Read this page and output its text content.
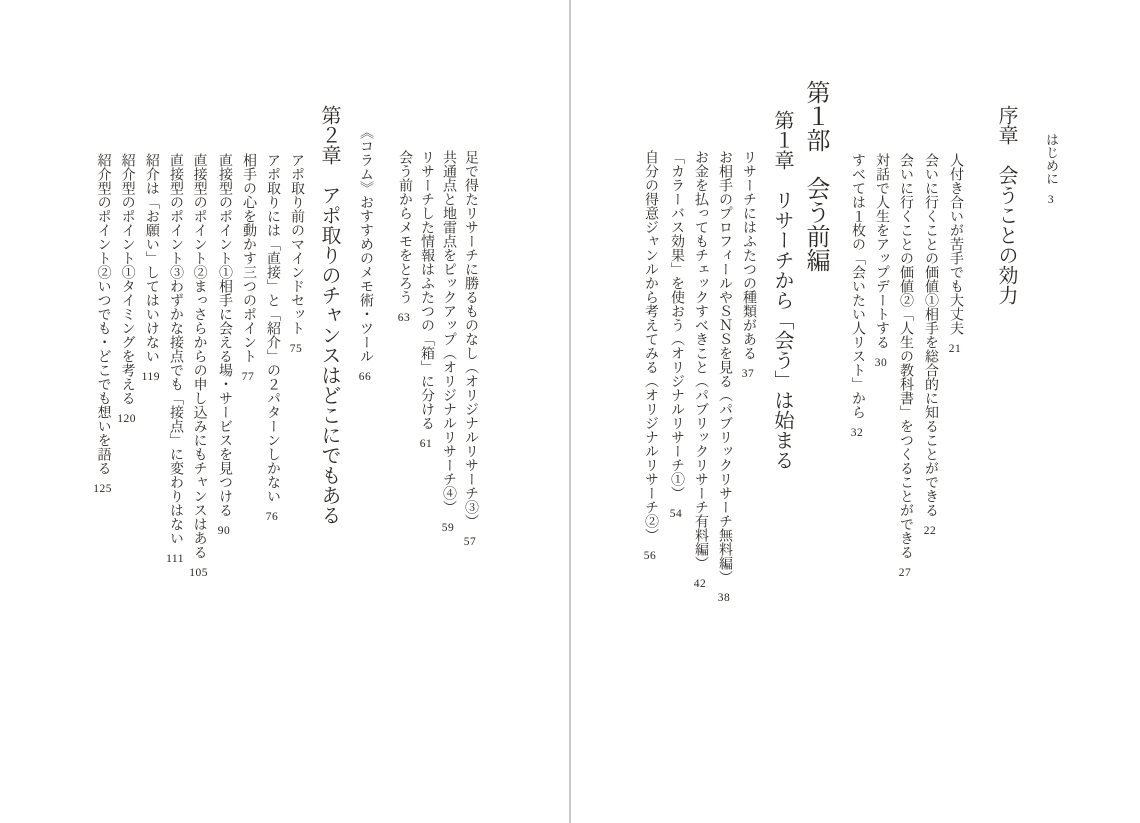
はじめに3
序章　会うことの効力
人付き合いが苦手でも大丈夫21
会いに行くことの価値①相手を総合的に知ることができる22
会いに行くことの価値②「人生の教科書」をつくることができる27
対話で人生をアップデートする30
すべては１枚の「会いたい人リスト」から32
第１部　会う前編
第１章　リサーチから「会う」は始まる
リサーチにはふたつの種類がある37
お相手のプロフィールやＳＮＳを見る（パブリックリサーチ無料編）38
お金を払ってもチェックすべきこと（パブリックリサーチ有料編）42
「カラーバス効果」を使おう（オリジナルリサーチ①）54
自分の得意ジャンルから考えてみる（オリジナルリサーチ②）56
足で得たリサーチに勝るものなし（オリジナルリサーチ③）57
共通点と地雷点をピックアップ（オリジナルリサーチ④）59
リサーチした情報はふたつの「箱」に分ける61
会う前からメモをとろう63
《コラム》おすすめのメモ術・ツール66
第２章　アポ取りのチャンスはどこにでもある
アポ取り前のマインドセット75
アポ取りには「直接」と「紹介」の２パターンしかない76
相手の心を動かす三つのポイント77
直接型のポイント①相手に会える場・サービスを見つける90
直接型のポイント②まっさらからの申し込みにもチャンスはある105
直接型のポイント③わずかな接点でも「接点」に変わりはない111
紹介は「お願い」してはいけない119
紹介型のポイント①タイミングを考える120
紹介型のポイント②いつでも・どこでも想いを語る125
